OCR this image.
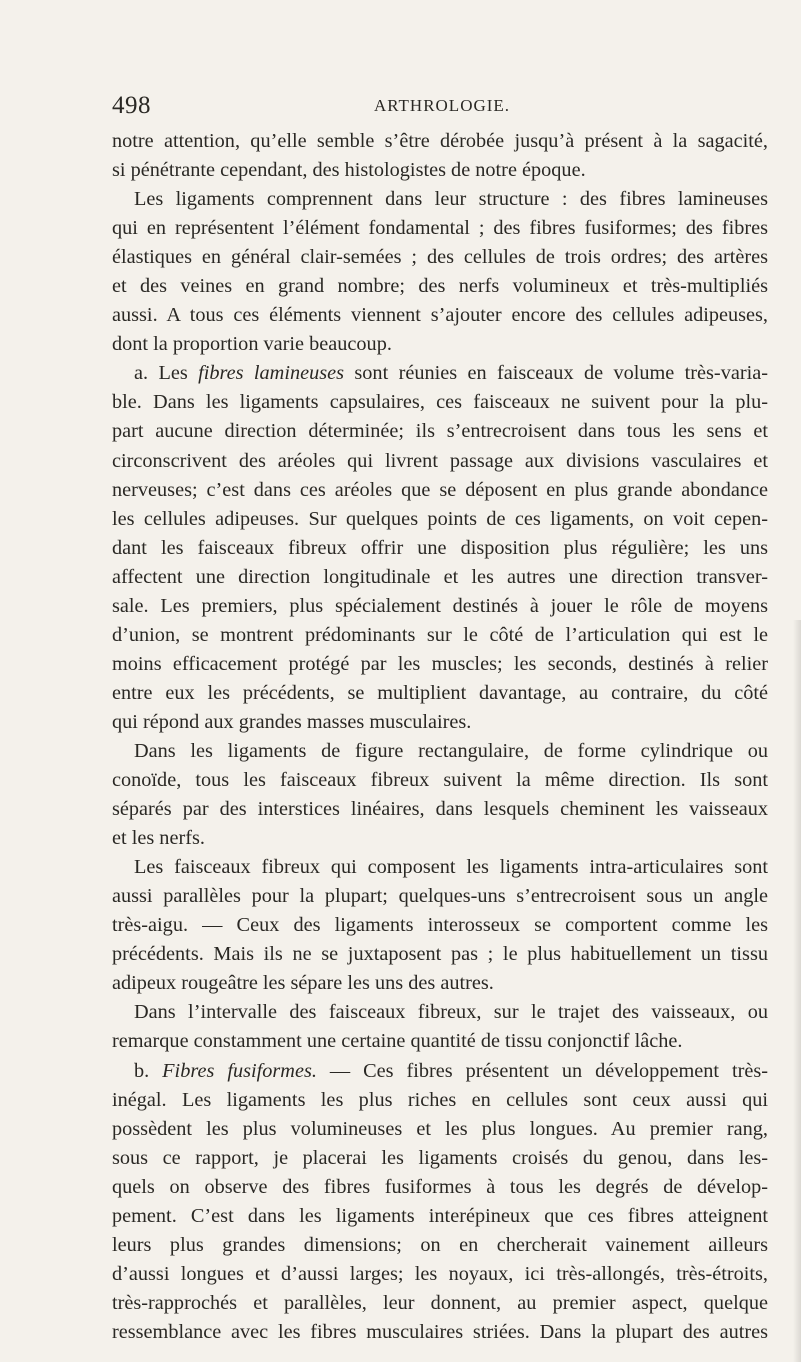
498	ARTHROLOGIE.
notre attention, qu’elle semble s’être dérobée jusqu’à présent à la sagacité,
si pénétrante cependant, des histologistes de notre époque.
Les ligaments comprennent dans leur structure : des fibres lamineuses
qui en représentent l’élément fondamental ; des fibres fusiformes; des fibres
élastiques en général clair-semées ; des cellules de trois ordres; des artères
et des veines en grand nombre; des nerfs volumineux et très-multipliés
aussi. A tous ces éléments viennent s’ajouter encore des cellules adipeuses,
dont la proportion varie beaucoup.
a. Les fibres lamineuses sont réunies en faisceaux de volume très-varia-
ble. Dans les ligaments capsulaires, ces faisceaux ne suivent pour la plu-
part aucune direction déterminée; ils s’entrecroisent dans tous les sens et
circonscrivent des aréoles qui livrent passage aux divisions vasculaires et
nerveuses; c’est dans ces aréoles que se déposent en plus grande abondance
les cellules adipeuses. Sur quelques points de ces ligaments, on voit cepen-
dant les faisceaux fibreux offrir une disposition plus régulière; les uns
affectent une direction longitudinale et les autres une direction transver-
sale. Les premiers, plus spécialement destinés à jouer le rôle de moyens
d’union, se montrent prédominants sur le côté de l’articulation qui est le
moins efficacement protégé par les muscles; les seconds, destinés à relier
entre eux les précédents, se multiplient davantage, au contraire, du côté
qui répond aux grandes masses musculaires.
Dans les ligaments de figure rectangulaire, de forme cylindrique ou
conoïde, tous les faisceaux fibreux suivent la même direction. Ils sont
séparés par des interstices linéaires, dans lesquels cheminent les vaisseaux
et les nerfs.
Les faisceaux fibreux qui composent les ligaments intra-articulaires sont
aussi parallèles pour la plupart; quelques-uns s’entrecroisent sous un angle
très-aigu. — Ceux des ligaments interosseux se comportent comme les
précédents. Mais ils ne se juxtaposent pas ; le plus habituellement un tissu
adipeux rougeâtre les sépare les uns des autres.
Dans l’intervalle des faisceaux fibreux, sur le trajet des vaisseaux, ou
remarque constamment une certaine quantité de tissu conjonctif lâche.
b. Fibres fusiformes. — Ces fibres présentent un développement très-
inégal. Les ligaments les plus riches en cellules sont ceux aussi qui
possèdent les plus volumineuses et les plus longues. Au premier rang,
sous ce rapport, je placerai les ligaments croisés du genou, dans les-
quels on observe des fibres fusiformes à tous les degrés de dévelop-
pement. C’est dans les ligaments interépineux que ces fibres atteignent
leurs plus grandes dimensions; on en chercherait vainement ailleurs
d’aussi longues et d’aussi larges; les noyaux, ici très-allongés, très-étroits,
très-rapprochés et parallèles, leur donnent, au premier aspect, quelque
ressemblance avec les fibres musculaires striées. Dans la plupart des autres
